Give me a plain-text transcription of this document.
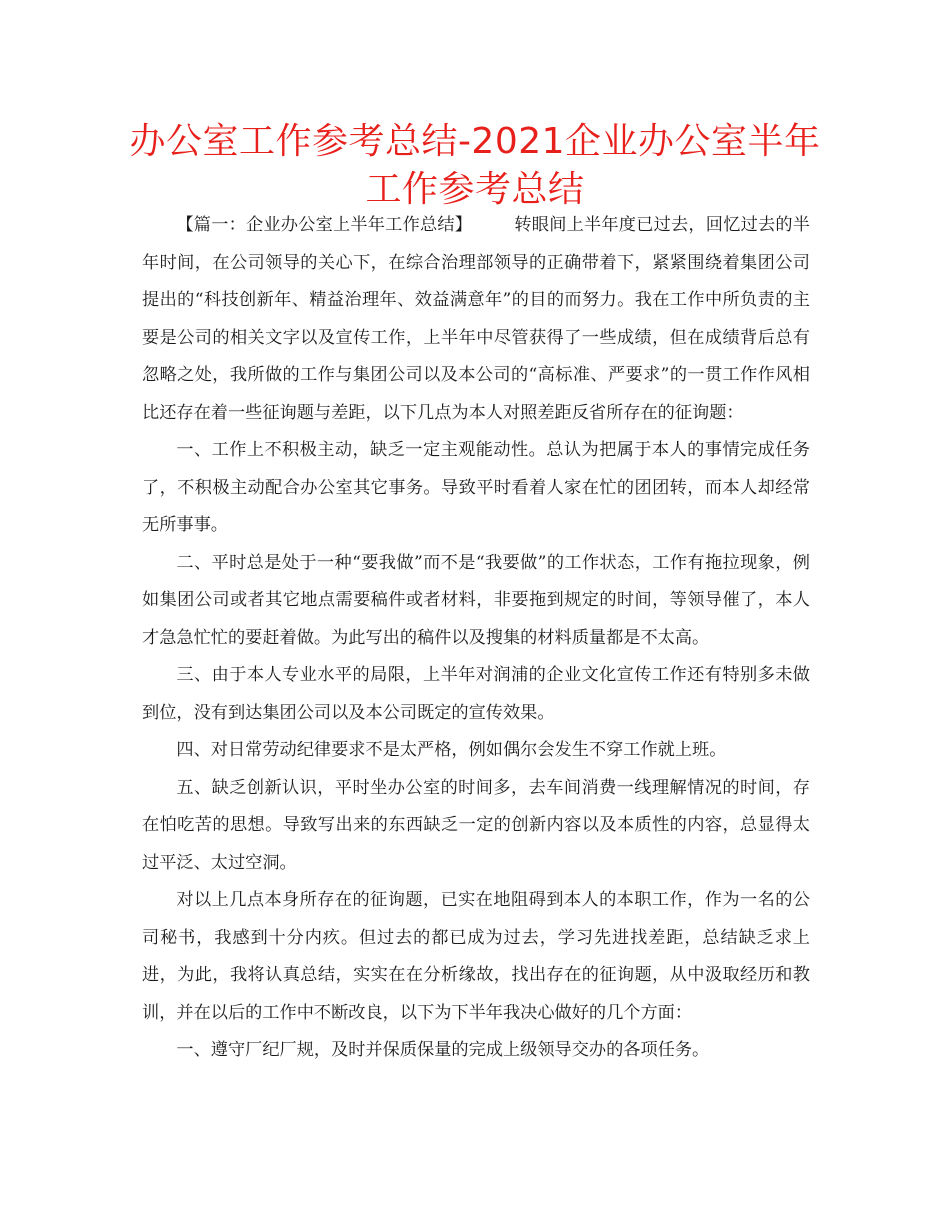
办公室工作参考总结-2021企业办公室半年工作参考总结

【篇一：企业办公室上半年工作总结】 转眼间上半年度已过去，回忆过去的半年时间，在公司领导的关心下，在综合治理部领导的正确带着下，紧紧围绕着集团公司提出的“科技创新年、精益治理年、效益满意年”的目的而努力。我在工作中所负责的主要是公司的相关文字以及宣传工作，上半年中尽管获得了一些成绩，但在成绩背后总有忽略之处，我所做的工作与集团公司以及本公司的“高标准、严要求”的一贯工作作风相比还存在着一些征询题与差距，以下几点为本人对照差距反省所存在的征询题：

一、工作上不积极主动，缺乏一定主观能动性。总认为把属于本人的事情完成任务了，不积极主动配合办公室其它事务。导致平时看着人家在忙的团团转，而本人却经常无所事事。

二、平时总是处于一种“要我做”而不是“我要做”的工作状态，工作有拖拉现象，例如集团公司或者其它地点需要稿件或者材料，非要拖到规定的时间，等领导催了，本人才急急忙忙的要赶着做。为此写出的稿件以及搜集的材料质量都是不太高。

三、由于本人专业水平的局限，上半年对润浦的企业文化宣传工作还有特别多未做到位，没有到达集团公司以及本公司既定的宣传效果。

四、对日常劳动纪律要求不是太严格，例如偶尔会发生不穿工作就上班。

五、缺乏创新认识，平时坐办公室的时间多，去车间消费一线理解情况的时间，存在怕吃苦的思想。导致写出来的东西缺乏一定的创新内容以及本质性的内容，总显得太过平泛、太过空洞。

对以上几点本身所存在的征询题，已实在地阻碍到本人的本职工作，作为一名的公司秘书，我感到十分内疚。但过去的都已成为过去，学习先进找差距，总结缺乏求上进，为此，我将认真总结，实实在在分析缘故，找出存在的征询题，从中汲取经历和教训，并在以后的工作中不断改良，以下为下半年我决心做好的几个方面：

一、遵守厂纪厂规，及时并保质保量的完成上级领导交办的各项任务。
